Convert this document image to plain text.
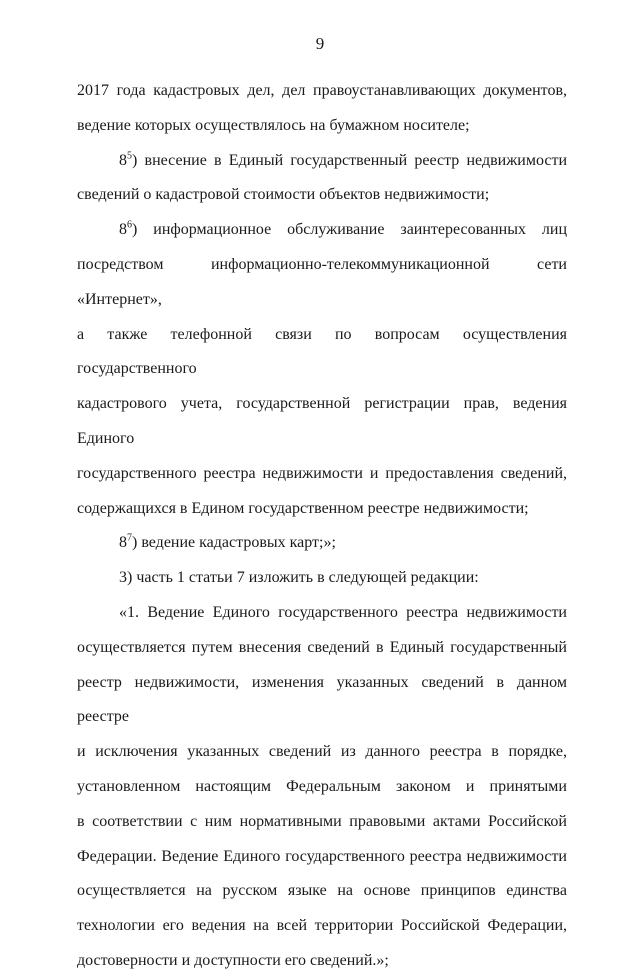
9

2017 года кадастровых дел, дел правоустанавливающих документов,

ведение которых осуществлялось на бумажном носителе;

$8^5$) внесение в Единый государственный реестр недвижимости

сведений о кадастровой стоимости объектов недвижимости;

$8^6$) информационное обслуживание заинтересованных лиц

посредством информационно-телекоммуникационной сети «Интернет»,

а также телефонной связи по вопросам осуществления государственного

кадастрового учета, государственной регистрации прав, ведения Единого

государственного реестра недвижимости и предоставления сведений,

содержащихся в Едином государственном реестре недвижимости;

$8^7$) ведение кадастровых карт;»;

3) часть 1 статьи 7 изложить в следующей редакции:

«1. Ведение Единого государственного реестра недвижимости

осуществляется путем внесения сведений в Единый государственный

реестр недвижимости, изменения указанных сведений в данном реестре

и исключения указанных сведений из данного реестра в порядке,

установленном настоящим Федеральным законом и принятыми

в соответствии с ним нормативными правовыми актами Российской

Федерации. Ведение Единого государственного реестра недвижимости

осуществляется на русском языке на основе принципов единства

технологии его ведения на всей территории Российской Федерации,

достоверности и доступности его сведений.»;
